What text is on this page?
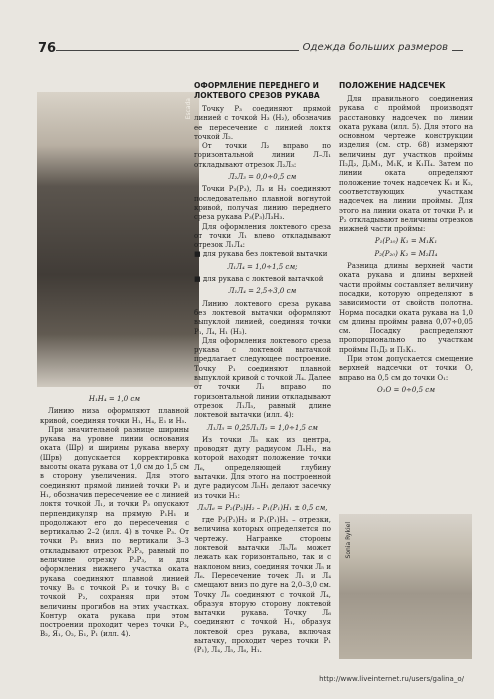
76	Одежда больших размеров
Escada

Н₁Н₄ = 1,0 см

Линию низа оформляют плавной кривой, соединяя точки Н₁, Н₄, Е₁ и Н₅.

При значительной разнице ширины рукава на уровне линии основания оката (Шр) и ширины рукава вверху (Шрв) допускается корректировка высоты оката рукава от 1,0 см до 1,5 см в сторону увеличения. Для этого соединяют прямой линией точки Р₁ и Н₁, обозначив пересечение ее с линией локтя точкой Л₁, и точки Р₃ опускают перпендикуляр на прямую Р₁Н₁ и продолжают его до пересечения с вертикалью 2–2 (илл. 4) в точке Р₃. От точки Р₂ вниз по вертикали 3–3 откладывают отрезок Р₂Р₃, равный по величине отрезку Р₃Р₃, и для оформления нижнего участка оката рукава соединяют плавной линией точку В₂ с точкой Р₃ и точку В₁ с точкой Р₂, сохраняя при этом величины прогибов на этих участках. Контур оката рукава при этом построении проходит через точки Р₂, В₂, Я₁, О₂, Б₁, Р₁ (илл. 4).

ОФОРМЛЕНИЕ ПЕРЕДНЕГО И ЛОКТЕВОГО СРЕЗОВ РУКАВА

Точку Р₃ соединяют прямой линией с точкой Н₃ (Н₂), обозначив ее пересечение с линией локтя точкой Л₂.

От точки Л₂ вправо по горизонтальной линии Л–Л₁ откладывают отрезок Л₂Л₃:

Л₂Л₃ = 0,0÷0,5 см

Точки Р₃(Р₃), Л₃ и Н₃ соединяют последовательно плавной вогнутой кривой, получая линию переднего среза рукава Р₃(Р₃)Л₃Н₃.

Для оформления локтевого среза от точки Л₁ влево откладывают отрезок Л₁Л₄:

■ для рукава без локтевой вытачки

Л₁Л₄ = 1,0÷1,5 см;

■ для рукава с локтевой вытачкой

Л₁Л₄ = 2,5÷3,0 см

Линию локтевого среза рукава без локтевой вытачки оформляют выпуклой линией, соединяя точки Р₁, Л₄, Н₁ (Н₂).

Для оформления локтевого среза рукава с локтевой вытачкой предлагает следующее построение. Точку Р₁ соединяют плавной выпуклой кривой с точкой Л₄. Далее от точки Л₁ вправо по горизонтальной линии откладывают отрезок Л₁Л₅, равный длине локтевой вытачки (илл. 4):

Л₁Л₅ = 0,25Л₁Л₂ = 1,0÷1,5 см

Из точки Л₅ как из центра, проводят дугу радиусом Л₅Н₁, на которой находят положение точки Л₆, определяющей глубину вытачки. Для этого на построенной дуге радиусом Л₅Н₁ делают засечку из точки Н₁:

Л₅Л₆ = Р₂(Р₂)Н₂ – Р₁(Р₁)Н₁ ± 0,5 см,

где Р₂(Р₂)Н₂ и Р₁(Р₁)Н₁ – отрезки, величина которых определяется по чертежу. Награнке стороны локтевой вытачки Л₅Л₆ может лежать как горизонтально, так и с наклоном вниз, соединяя точки Л₅ и Л₆. Пересечение точек Л₁ и Л₄ смещают вниз по дуге на 2,0–3,0 см. Точку Л₆ соединяют с точкой Л₄, образуя вторую сторону локтевой вытачки рукава. Точку Л₆ соединяют с точкой Н₁, образуя локтевой срез рукава, включая вытачку, проходит через точки Р₁ (Р₁), Л₄, Л₅, Л₆, Н₁.

ПОЛОЖЕНИЕ НАДСЕЧЕК

Для правильного соединения рукава с проймой производят расстановку надсечек по линии оката рукава (илл. 5). Для этого на основном чертеже конструкции изделия (см. стр. 68) измеряют величины дуг участков проймы П₂Д₂, Д₂М₁, М₁К, и К₁П₄. Затем по линии оката определяют положение точек надсечек К₁ и К₂, соответствующих участкам надсечек на линии проймы. Для этого на линии оката от точки Р₁ и Р₂ откладывают величины отрезков нижней части проймы:

Р₁(Р₁₀) К₁ = М₁К₁

Р₂(Р₂₀) К₂ = М₂П₄

Разница длины верхней части оката рукава и длины верхней части проймы составляет величину посадки, которую определяют в зависимости от свойств полотна. Норма посадки оката рукава на 1,0 см длины проймы равна 0,07÷0,05 см. Посадку распределяют пропорционально по участкам проймы П₁Д₂ и П₂К₁.

При этом допускается смещение верхней надсечки от точки О, вправо на 0,5 см до точки О₁:

О₁О = 0÷0,5 см

Sonia Rykiel
http://www.liveinternet.ru/users/galina_o/
